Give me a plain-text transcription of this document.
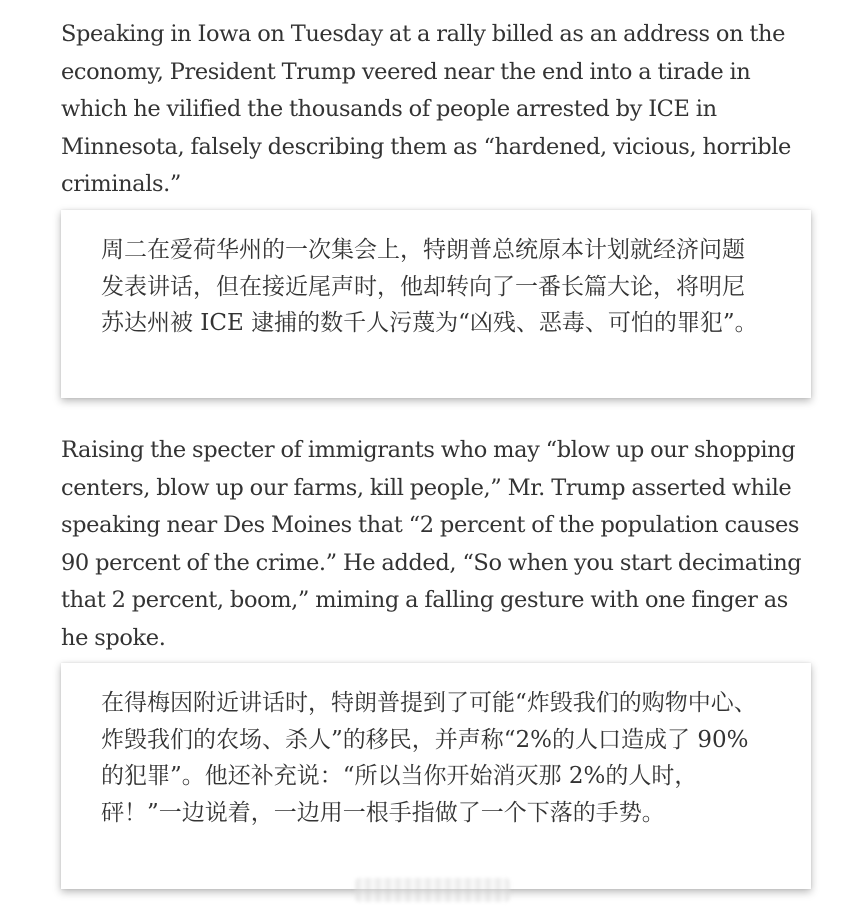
Speaking in Iowa on Tuesday at a rally billed as an address on the economy, President Trump veered near the end into a tirade in which he vilified the thousands of people arrested by ICE in Minnesota, falsely describing them as “hardened, vicious, horrible criminals.”

周二在爱荷华州的一次集会上，特朗普总统原本计划就经济问题发表讲话，但在接近尾声时，他却转向了一番长篇大论，将明尼苏达州被 ICE 逮捕的数千人污蔑为“凶残、恶毒、可怕的罪犯”。

Raising the specter of immigrants who may “blow up our shopping centers, blow up our farms, kill people,” Mr. Trump asserted while speaking near Des Moines that “2 percent of the population causes 90 percent of the crime.” He added, “So when you start decimating that 2 percent, boom,” miming a falling gesture with one finger as he spoke.

在得梅因附近讲话时，特朗普提到了可能“炸毁我们的购物中心、炸毁我们的农场、杀人”的移民，并声称“2%的人口造成了 90%的犯罪”。他还补充说：“所以当你开始消灭那 2%的人时，砰！”一边说着，一边用一根手指做了一个下落的手势。
